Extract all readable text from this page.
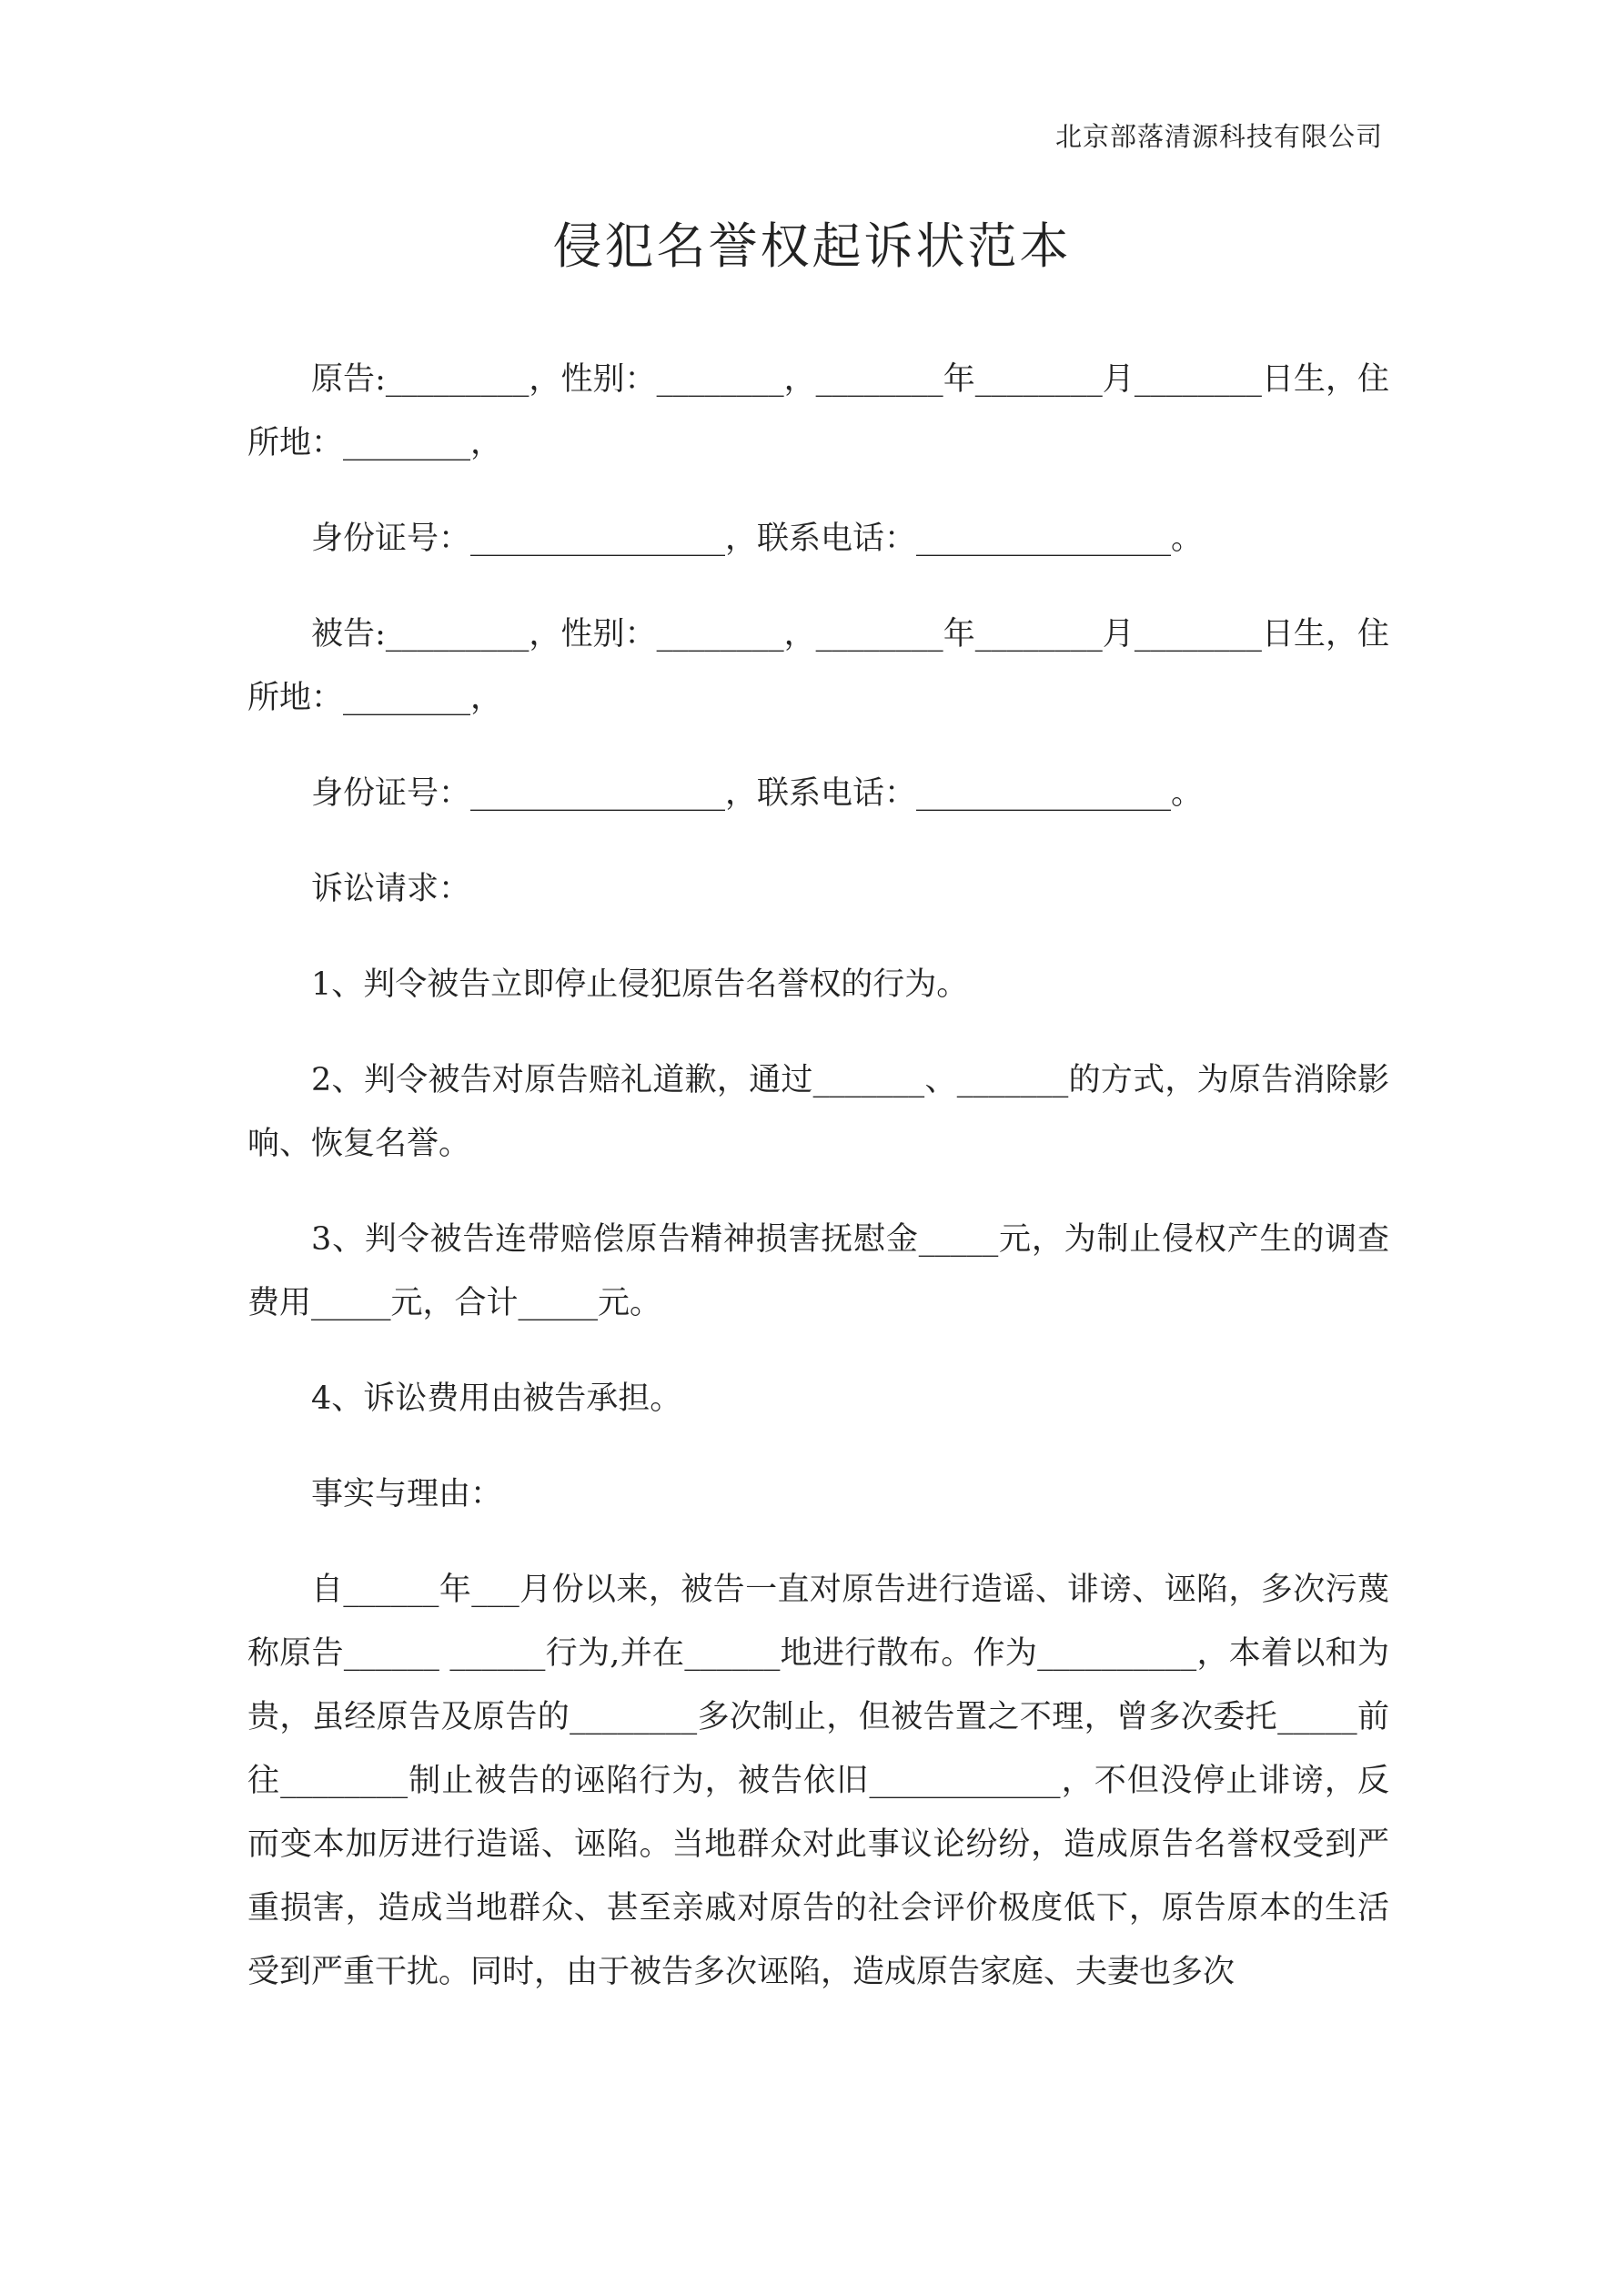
北京部落清源科技有限公司
侵犯名誉权起诉状范本

原告:_________，性别：________，________年________月________日生，住所地：________，

身份证号：________________，联系电话：________________。

被告:_________，性别：________，________年________月________日生，住所地：________，

身份证号：________________，联系电话：________________。

诉讼请求：

1、判令被告立即停止侵犯原告名誉权的行为。

2、判令被告对原告赔礼道歉，通过_______、_______的方式，为原告消除影响、恢复名誉。

3、判令被告连带赔偿原告精神损害抚慰金_____元，为制止侵权产生的调查费用_____元，合计_____元。

4、诉讼费用由被告承担。

事实与理由：

自______年___月份以来，被告一直对原告进行造谣、诽谤、诬陷，多次污蔑称原告______ ______行为,并在______地进行散布。作为__________，本着以和为贵，虽经原告及原告的________多次制止，但被告置之不理，曾多次委托_____前往________制止被告的诬陷行为，被告依旧____________，不但没停止诽谤，反而变本加厉进行造谣、诬陷。当地群众对此事议论纷纷，造成原告名誉权受到严重损害，造成当地群众、甚至亲戚对原告的社会评价极度低下，原告原本的生活受到严重干扰。同时，由于被告多次诬陷，造成原告家庭、夫妻也多次
